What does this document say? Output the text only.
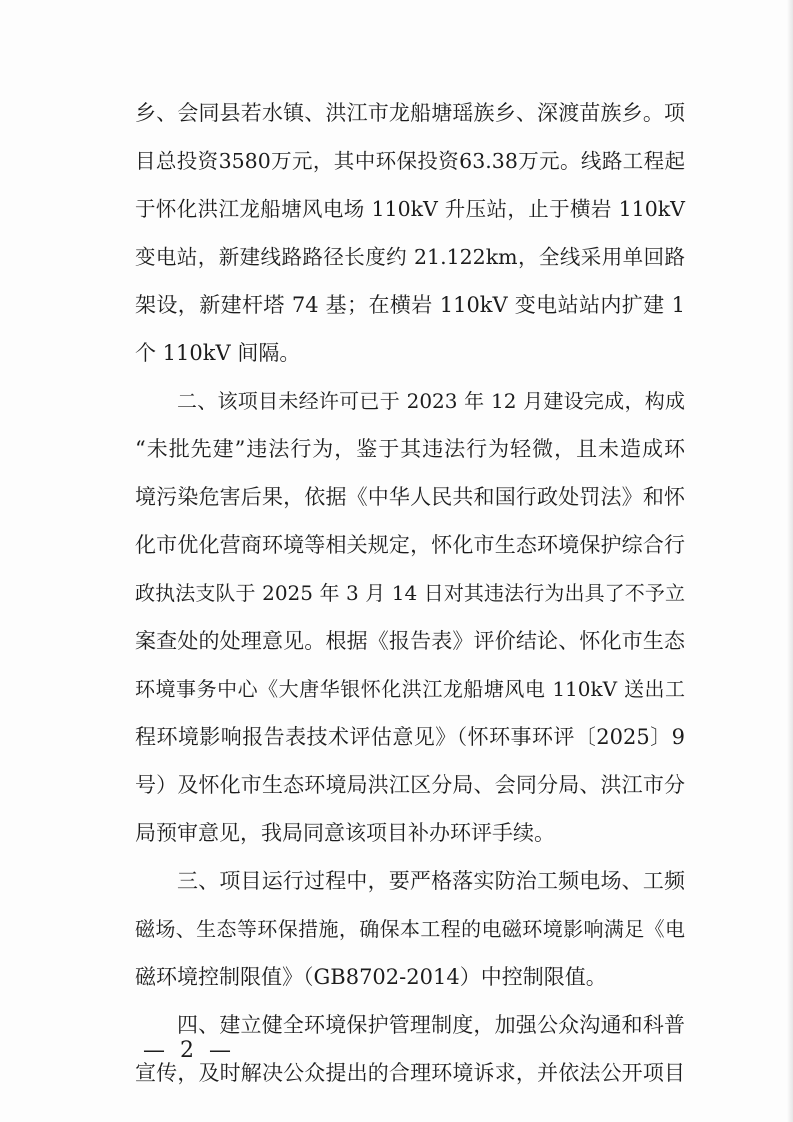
乡、会同县若水镇、洪江市龙船塘瑶族乡、深渡苗族乡。项
目总投资3580万元，其中环保投资63.38万元。线路工程起
于怀化洪江龙船塘风电场 110kV 升压站，止于横岩 110kV
变电站，新建线路路径长度约 21.122km，全线采用单回路
架设，新建杆塔 74 基；在横岩 110kV 变电站站内扩建 1
个 110kV 间隔。
二、该项目未经许可已于 2023 年 12 月建设完成，构成
“未批先建”违法行为，鉴于其违法行为轻微，且未造成环
境污染危害后果，依据《中华人民共和国行政处罚法》和怀
化市优化营商环境等相关规定，怀化市生态环境保护综合行
政执法支队于 2025 年 3 月 14 日对其违法行为出具了不予立
案查处的处理意见。根据《报告表》评价结论、怀化市生态
环境事务中心《大唐华银怀化洪江龙船塘风电 110kV 送出工
程环境影响报告表技术评估意见》（怀环事环评〔2025〕9
号）及怀化市生态环境局洪江区分局、会同分局、洪江市分
局预审意见，我局同意该项目补办环评手续。
三、项目运行过程中，要严格落实防治工频电场、工频
磁场、生态等环保措施，确保本工程的电磁环境影响满足《电
磁环境控制限值》（GB8702-2014）中控制限值。
四、建立健全环境保护管理制度，加强公众沟通和科普
宣传，及时解决公众提出的合理环境诉求，并依法公开项目
— 2 —
